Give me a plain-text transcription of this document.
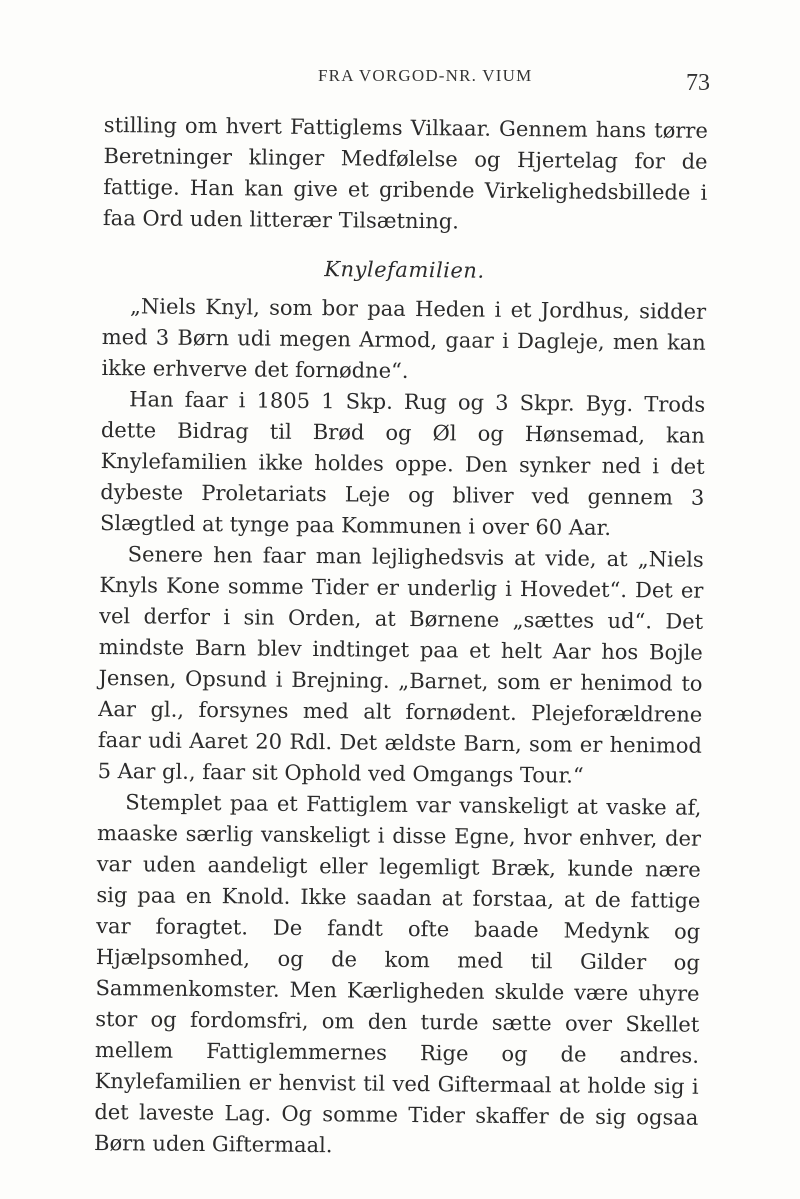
FRA VORGOD-NR. VIUM	73

stilling om hvert Fattiglems Vilkaar. Gennem hans tørre Beretninger klinger Medfølelse og Hjertelag for de fattige. Han kan give et gribende Virkelighedsbillede i faa Ord uden litterær Tilsætning.

Knylefamilien.

„Niels Knyl, som bor paa Heden i et Jordhus, sidder med 3 Børn udi megen Armod, gaar i Dagleje, men kan ikke erhverve det fornødne“.

Han faar i 1805 1 Skp. Rug og 3 Skpr. Byg. Trods dette Bidrag til Brød og Øl og Hønsemad, kan Knylefamilien ikke holdes oppe. Den synker ned i det dybeste Proletariats Leje og bliver ved gennem 3 Slægtled at tynge paa Kommunen i over 60 Aar.

Senere hen faar man lejlighedsvis at vide, at „Niels Knyls Kone somme Tider er underlig i Hovedet“. Det er vel derfor i sin Orden, at Børnene „sættes ud“. Det mindste Barn blev indtinget paa et helt Aar hos Bojle Jensen, Opsund i Brejning. „Barnet, som er henimod to Aar gl., forsynes med alt fornødent. Plejeforældrene faar udi Aaret 20 Rdl. Det ældste Barn, som er henimod 5 Aar gl., faar sit Ophold ved Omgangs Tour.“

Stemplet paa et Fattiglem var vanskeligt at vaske af, maaske særlig vanskeligt i disse Egne, hvor enhver, der var uden aandeligt eller legemligt Bræk, kunde nære sig paa en Knold. Ikke saadan at forstaa, at de fattige var foragtet. De fandt ofte baade Medynk og Hjælpsomhed, og de kom med til Gilder og Sammenkomster. Men Kærligheden skulde være uhyre stor og fordomsfri, om den turde sætte over Skellet mellem Fattiglemmernes Rige og de andres. Knylefamilien er henvist til ved Giftermaal at holde sig i det laveste Lag. Og somme Tider skaffer de sig ogsaa Børn uden Giftermaal.
